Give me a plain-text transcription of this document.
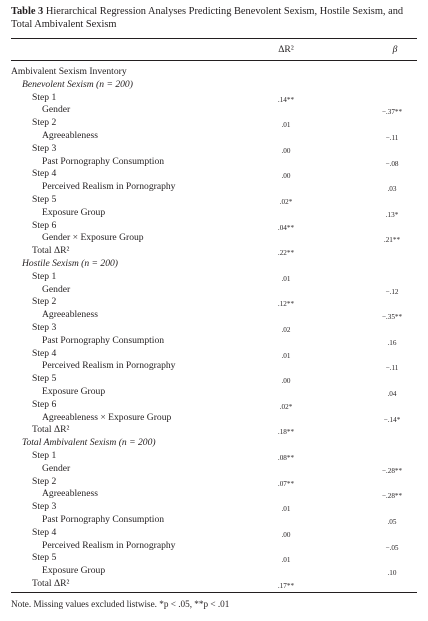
Table 3 Hierarchical Regression Analyses Predicting Benevolent Sexism, Hostile Sexism, and Total Ambivalent Sexism
ΔR²	β
Ambivalent Sexism Inventory
Benevolent Sexism (n = 200)
Step 1	.14**
Gender	−.37**
Step 2	.01
Agreeableness	−.11
Step 3	.00
Past Pornography Consumption	−.08
Step 4	.00
Perceived Realism in Pornography	.03
Step 5	.02*
Exposure Group	.13*
Step 6	.04**
Gender × Exposure Group	.21**
Total ΔR²	.22**
Hostile Sexism (n = 200)
Step 1	.01
Gender	−.12
Step 2	.12**
Agreeableness	−.35**
Step 3	.02
Past Pornography Consumption	.16
Step 4	.01
Perceived Realism in Pornography	−.11
Step 5	.00
Exposure Group	.04
Step 6	.02*
Agreeableness × Exposure Group	−.14*
Total ΔR²	.18**
Total Ambivalent Sexism (n = 200)
Step 1	.08**
Gender	−.28**
Step 2	.07**
Agreeableness	−.28**
Step 3	.01
Past Pornography Consumption	.05
Step 4	.00
Perceived Realism in Pornography	−.05
Step 5	.01
Exposure Group	.10
Total ΔR²	.17**
Note. Missing values excluded listwise. *p < .05, **p < .01
